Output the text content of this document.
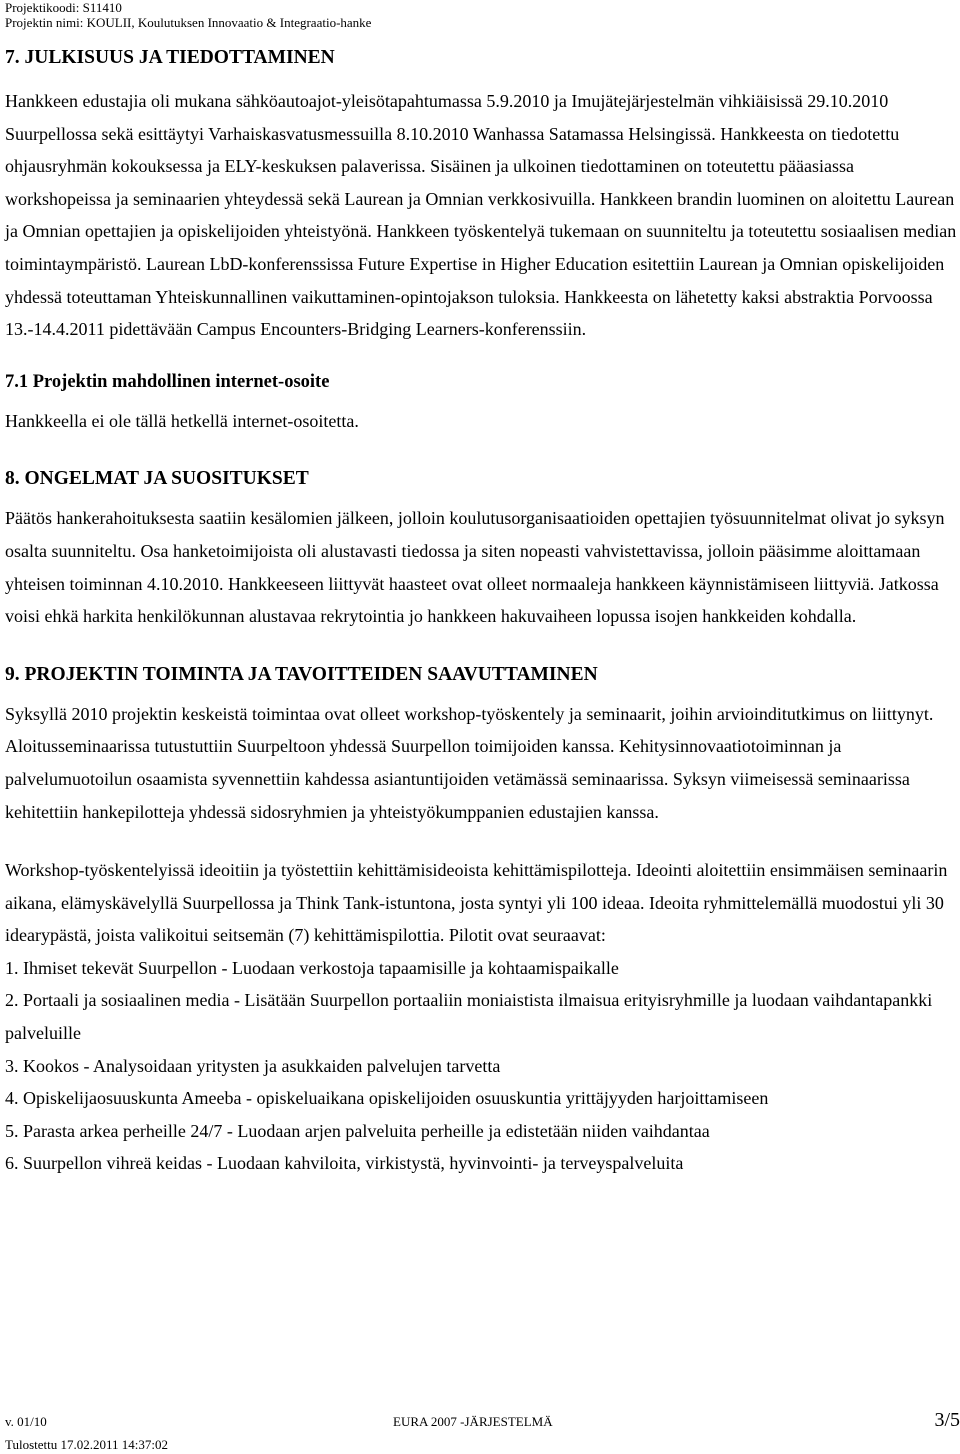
Projektikoodi: S11410
Projektin nimi: KOULII, Koulutuksen Innovaatio & Integraatio-hanke
7. JULKISUUS JA TIEDOTTAMINEN

Hankkeen edustajia oli mukana sähköautoajot-yleisötapahtumassa 5.9.2010 ja Imujätejärjestelmän vihkiäisissä 29.10.2010 Suurpellossa sekä esittäytyi Varhaiskasvatusmessuilla 8.10.2010 Wanhassa Satamassa Helsingissä. Hankkeesta on tiedotettu ohjausryhmän kokouksessa ja ELY-keskuksen palaverissa. Sisäinen ja ulkoinen tiedottaminen on toteutettu pääasiassa workshopeissa ja seminaarien yhteydessä sekä Laurean ja Omnian verkkosivuilla. Hankkeen brandin luominen on aloitettu Laurean ja Omnian opettajien ja opiskelijoiden yhteistyönä. Hankkeen työskentelyä tukemaan on suunniteltu ja toteutettu sosiaalisen median toimintaympäristö. Laurean LbD-konferenssissa Future Expertise in Higher Education esitettiin Laurean ja Omnian opiskelijoiden yhdessä toteuttaman Yhteiskunnallinen vaikuttaminen-opintojakson tuloksia. Hankkeesta on lähetetty kaksi abstraktia Porvoossa 13.-14.4.2011 pidettävään Campus Encounters-Bridging Learners-konferenssiin.

7.1 Projektin mahdollinen internet-osoite

Hankkeella ei ole tällä hetkellä internet-osoitetta.

8. ONGELMAT JA SUOSITUKSET

Päätös hankerahoituksesta saatiin kesälomien jälkeen, jolloin koulutusorganisaatioiden opettajien työsuunnitelmat olivat jo syksyn osalta suunniteltu. Osa hanketoimijoista oli alustavasti tiedossa ja siten nopeasti vahvistettavissa, jolloin pääsimme aloittamaan yhteisen toiminnan 4.10.2010. Hankkeeseen liittyvät haasteet ovat olleet normaaleja hankkeen käynnistämiseen liittyviä. Jatkossa voisi ehkä harkita henkilökunnan alustavaa rekrytointia jo hankkeen hakuvaiheen lopussa isojen hankkeiden kohdalla.

9. PROJEKTIN TOIMINTA JA TAVOITTEIDEN SAAVUTTAMINEN

Syksyllä 2010 projektin keskeistä toimintaa ovat olleet workshop-työskentely ja seminaarit, joihin arvioinditutkimus on liittynyt. Aloitusseminaarissa tutustuttiin Suurpeltoon yhdessä Suurpellon toimijoiden kanssa. Kehitysinnovaatiotoiminnan ja palvelumuotoilun osaamista syvennettiin kahdessa asiantuntijoiden vetämässä seminaarissa. Syksyn viimeisessä seminaarissa kehitettiin hankepilotteja yhdessä sidosryhmien ja yhteistyökumppanien edustajien kanssa.

Workshop-työskentelyissä ideoitiin ja työstettiin kehittämisideoista kehittämispilotteja. Ideointi aloitettiin ensimmäisen seminaarin aikana, elämyskävelyllä Suurpellossa ja Think Tank-istuntona, josta syntyi yli 100 ideaa. Ideoita ryhmittelemällä muodostui yli 30 idearypästä, joista valikoitui seitsemän (7) kehittämispilottia. Pilotit ovat seuraavat:

1. Ihmiset tekevät Suurpellon - Luodaan verkostoja tapaamisille ja kohtaamispaikalle

2. Portaali ja sosiaalinen media - Lisätään Suurpellon portaaliin moniaistista ilmaisua erityisryhmille ja luodaan vaihdantapankki palveluille

3. Kookos - Analysoidaan yritysten ja asukkaiden palvelujen tarvetta

4. Opiskelijaosuuskunta Ameeba - opiskeluaikana opiskelijoiden osuuskuntia yrittäjyyden harjoittamiseen

5. Parasta arkea perheille 24/7 - Luodaan arjen palveluita perheille ja edistetään niiden vaihdantaa

6. Suurpellon vihreä keidas - Luodaan kahviloita, virkistystä, hyvinvointi- ja terveyspalveluita

v. 01/10	EURA 2007 -JÄRJESTELMÄ
Tulostettu 17.02.2011 14:37:02
3/5
